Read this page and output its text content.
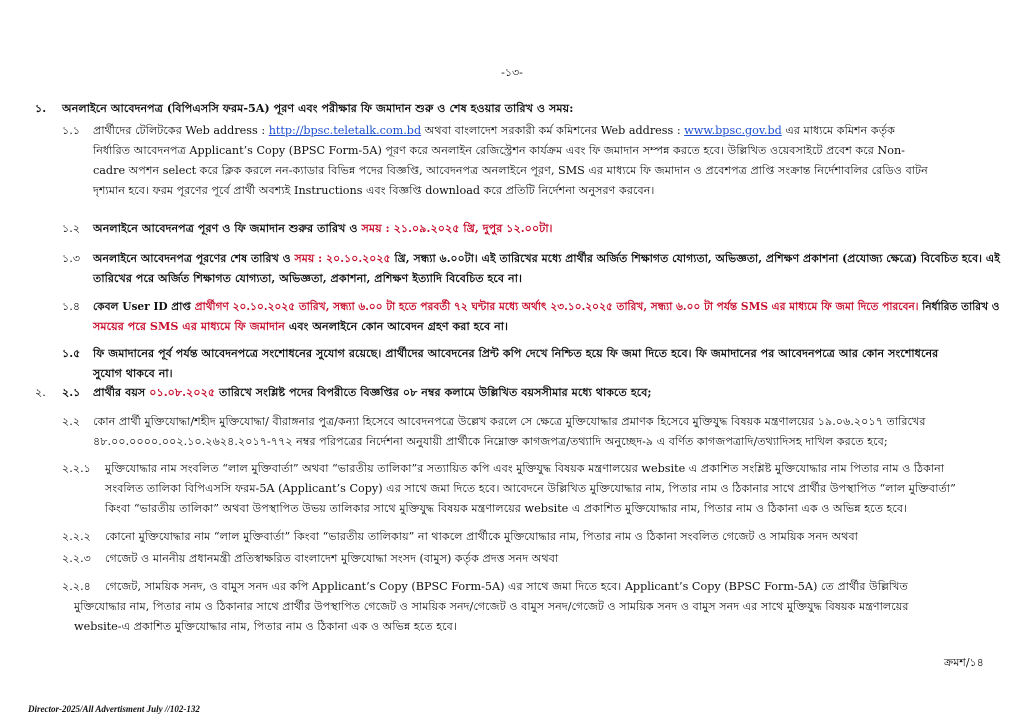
-১৩-
১. অনলাইনে আবেদনপত্র (বিপিএসসি ফরম-5A) পূরণ এবং পরীক্ষার ফি জমাদান শুরু ও শেষ হওয়ার তারিখ ও সময়:
১.১ প্রার্থীদের টেলিটকের Web address : http://bpsc.teletalk.com.bd অথবা বাংলাদেশ সরকারী কর্ম কমিশনের Web address : www.bpsc.gov.bd এর মাধ্যমে কমিশন কর্তৃক
নির্ধারিত আবেদনপত্র Applicant’s Copy (BPSC Form-5A) পূরণ করে অনলাইন রেজিস্ট্রেশন কার্যক্রম এবং ফি জমাদান সম্পন্ন করতে হবে। উল্লিখিত ওয়েবসাইটে প্রবেশ করে Non-
cadre অপশন select করে ক্লিক করলে নন-ক্যাডার বিভিন্ন পদের বিজ্ঞপ্তি, আবেদনপত্র অনলাইনে পূরণ, SMS এর মাধ্যমে ফি জমাদান ও প্রবেশপত্র প্রাপ্তি সংক্রান্ত নির্দেশাবলির রেডিও বাটন
দৃশ্যমান হবে। ফরম পূরণের পূর্বে প্রার্থী অবশ্যই Instructions এবং বিজ্ঞপ্তি download করে প্রতিটি নির্দেশনা অনুসরণ করবেন।
১.২ অনলাইনে আবেদনপত্র পূরণ ও ফি জমাদান শুরুর তারিখ ও সময় : ২১.০৯.২০২৫ খ্রি, দুপুর ১২.০০টা।
১.৩ অনলাইনে আবেদনপত্র পূরণের শেষ তারিখ ও সময় : ২০.১০.২০২৫ খ্রি, সন্ধ্যা ৬.০০টা। এই তারিখের মধ্যে প্রার্থীর অর্জিত শিক্ষাগত যোগ্যতা, অভিজ্ঞতা, প্রশিক্ষণ প্রকাশনা (প্রযোজ্য ক্ষেত্রে) বিবেচিত হবে। এই
তারিখের পরে অর্জিত শিক্ষাগত যোগ্যতা, অভিজ্ঞতা, প্রকাশনা, প্রশিক্ষণ ইত্যাদি বিবেচিত হবে না।
১.৪ কেবল User ID প্রাপ্ত প্রার্থীগণ ২০.১০.২০২৫ তারিখ, সন্ধ্যা ৬.০০ টা হতে পরবর্তী ৭২ ঘন্টার মধ্যে অর্থাৎ ২৩.১০.২০২৫ তারিখ, সন্ধ্যা ৬.০০ টা পর্যন্ত SMS এর মাধ্যমে ফি জমা দিতে পারবেন। নির্ধারিত তারিখ ও
সময়ের পরে SMS এর মাধ্যমে ফি জমাদান এবং অনলাইনে কোন আবেদন গ্রহণ করা হবে না।
১.৫ ফি জমাদানের পূর্ব পর্যন্ত আবেদনপত্রে সংশোধনের সুযোগ রয়েছে। প্রার্থীদের আবেদনের প্রিন্ট কপি দেখে নিশ্চিত হয়ে ফি জমা দিতে হবে। ফি জমাদানের পর আবেদনপত্রে আর কোন সংশোধনের
সুযোগ থাকবে না।
২. ২.১ প্রার্থীর বয়স ০১.০৮.২০২৫ তারিখে সংশ্লিষ্ট পদের বিপরীতে বিজ্ঞপ্তির ০৮ নম্বর কলামে উল্লিখিত বয়সসীমার মধ্যে থাকতে হবে;
২.২ কোন প্রার্থী মুক্তিযোদ্ধা/শহীদ মুক্তিযোদ্ধা/ বীরাঙ্গনার পুত্র/কন্যা হিসেবে আবেদনপত্রে উল্লেখ করলে সে ক্ষেত্রে মুক্তিযোদ্ধার প্রমাণক হিসেবে মুক্তিযুদ্ধ বিষয়ক মন্ত্রণালয়ের ১৯.০৬.২০১৭ তারিখের
৪৮.০০.০০০০.০০২.১০.২৬২৪.২০১৭-৭৭২ নম্বর পরিপত্রের নির্দেশনা অনুযায়ী প্রার্থীকে নিম্নোক্ত কাগজপত্র/তথ্যাদি অনুচ্ছেদ-৯ এ বর্ণিত কাগজপত্রাদি/তথ্যাদিসহ দাখিল করতে হবে;
২.২.১ মুক্তিযোদ্ধার নাম সংবলিত “লাল মুক্তিবার্তা” অথবা “ভারতীয় তালিকা”র সত্যায়িত কপি এবং মুক্তিযুদ্ধ বিষয়ক মন্ত্রণালয়ের website এ প্রকাশিত সংশ্লিষ্ট মুক্তিযোদ্ধার নাম পিতার নাম ও ঠিকানা
সংবলিত তালিকা বিপিএসসি ফরম-5A (Applicant’s Copy) এর সাথে জমা দিতে হবে। আবেদনে উল্লিখিত মুক্তিযোদ্ধার নাম, পিতার নাম ও ঠিকানার সাথে প্রার্থীর উপস্থাপিত “লাল মুক্তিবার্তা”
কিংবা “ভারতীয় তালিকা” অথবা উপস্থাপিত উভয় তালিকার সাথে মুক্তিযুদ্ধ বিষয়ক মন্ত্রণালয়ের website এ প্রকাশিত মুক্তিযোদ্ধার নাম, পিতার নাম ও ঠিকানা এক ও অভিন্ন হতে হবে।
২.২.২ কোনো মুক্তিযোদ্ধার নাম “লাল মুক্তিবার্তা” কিংবা “ভারতীয় তালিকায়” না থাকলে প্রার্থীকে মুক্তিযোদ্ধার নাম, পিতার নাম ও ঠিকানা সংবলিত গেজেট ও সাময়িক সনদ অথবা
২.২.৩ গেজেট ও মাননীয় প্রধানমন্ত্রী প্রতিস্বাক্ষরিত বাংলাদেশ মুক্তিযোদ্ধা সংসদ (বামুস) কর্তৃক প্রদত্ত সনদ অথবা
২.২.৪ গেজেট, সাময়িক সনদ, ও বামুস সনদ এর কপি Applicant’s Copy (BPSC Form-5A) এর সাথে জমা দিতে হবে। Applicant’s Copy (BPSC Form-5A) তে প্রার্থীর উল্লিখিত
মুক্তিযোদ্ধার নাম, পিতার নাম ও ঠিকানার সাথে প্রার্থীর উপস্থাপিত গেজেট ও সাময়িক সনদ/গেজেট ও বামুস সনদ/গেজেট ও সাময়িক সনদ ও বামুস সনদ এর সাথে মুক্তিযুদ্ধ বিষয়ক মন্ত্রণালয়ের
website-এ প্রকাশিত মুক্তিযোদ্ধার নাম, পিতার নাম ও ঠিকানা এক ও অভিন্ন হতে হবে।
ক্রমশ/১৪
Director-2025/All Advertisment July //102-132
